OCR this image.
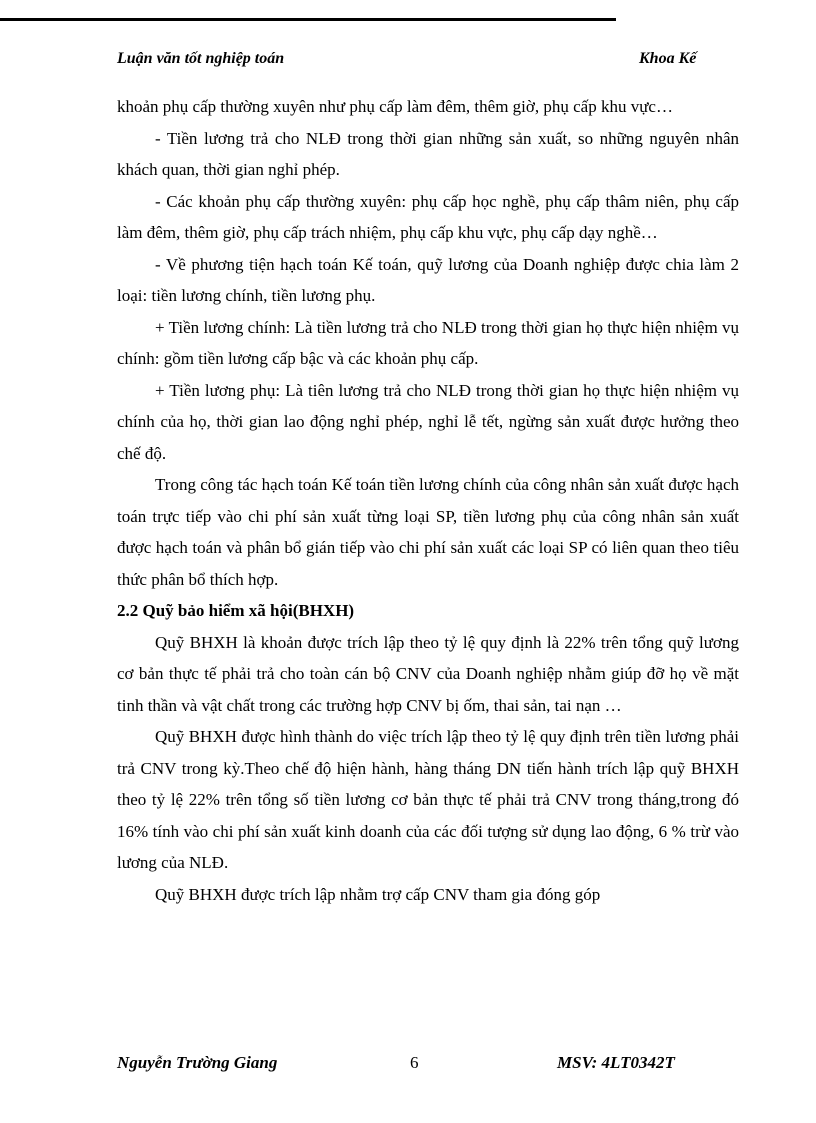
Luận văn tốt nghiệp toán	Khoa Kế

khoản phụ cấp thường xuyên như phụ cấp làm đêm, thêm giờ, phụ cấp khu vực…

- Tiền lương trả cho NLĐ trong thời gian những sản xuất, so những nguyên nhân khách quan, thời gian nghỉ phép.

- Các khoản phụ cấp thường xuyên: phụ cấp học nghề, phụ cấp thâm niên, phụ cấp làm đêm, thêm giờ, phụ cấp trách nhiệm, phụ cấp khu vực, phụ cấp dạy nghề…

- Về phương tiện hạch toán Kế toán, quỹ lương của Doanh nghiệp được chia làm 2 loại: tiền lương chính, tiền lương phụ.

+ Tiền lương chính: Là tiền lương trả cho NLĐ trong thời gian họ thực hiện nhiệm vụ chính: gồm tiền lương cấp bậc và các khoản phụ cấp.

+ Tiền lương phụ: Là tiên lương trả cho NLĐ trong thời gian họ thực hiện nhiệm vụ chính của họ, thời gian lao động nghỉ phép, nghỉ lễ tết, ngừng sản xuất được hưởng theo chế độ.

Trong công tác hạch toán Kế toán tiền lương chính của công nhân sản xuất được hạch toán trực tiếp vào chi phí sản xuất từng loại SP, tiền lương phụ của công nhân sản xuất được hạch toán và phân bổ gián tiếp vào chi phí sản xuất các loại SP có liên quan theo tiêu thức phân bổ thích hợp.

2.2 Quỹ bảo hiểm xã hội(BHXH)

Quỹ BHXH là khoản được trích lập theo tỷ lệ quy định là 22% trên tổng quỹ lương cơ bản thực tế phải trả cho toàn cán bộ CNV của Doanh nghiệp nhằm giúp đỡ họ về mặt tinh thần và vật chất trong các trường hợp CNV bị ốm, thai sản, tai nạn …

Quỹ BHXH được hình thành do việc trích lập theo tỷ lệ quy định trên tiền lương phải trả CNV trong kỳ.Theo chế độ hiện hành, hàng tháng DN tiến hành trích lập quỹ BHXH theo tỷ lệ 22% trên tổng số tiền lương cơ bản thực tế phải trả CNV trong tháng,trong đó 16% tính vào chi phí sản xuất kinh doanh của các đối tượng sử dụng lao động, 6 % trừ vào lương của NLĐ.

Quỹ BHXH được trích lập nhằm trợ cấp CNV tham gia đóng góp

Nguyễn Trường Giang	6	MSV: 4LT0342T
